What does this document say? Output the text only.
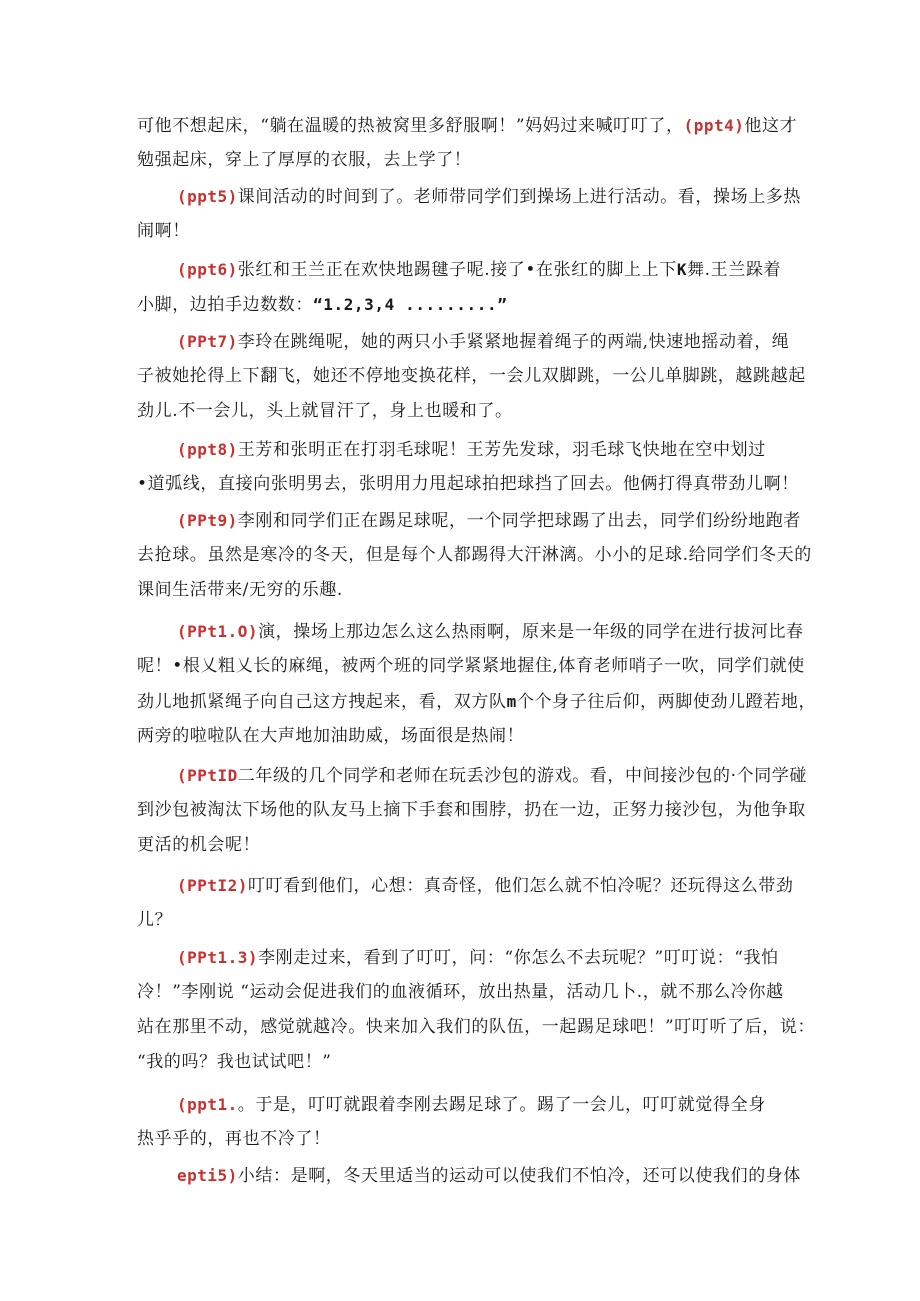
可他不想起床，“躺在温暖的热被窝里多舒服啊！”妈妈过来喊叮叮了，(ppt4)他这才
勉强起床，穿上了厚厚的衣服，去上学了！
(ppt5)课间活动的时间到了。老师带同学们到操场上进行活动。看，操场上多热
闹啊！
(ppt6)张红和王兰正在欢快地踢毽子呢.接了•在张红的脚上上下K舞.王兰跺着
小脚，边拍手边数数：“1.2,3,4 .........”
(PPt7)李玲在跳绳呢，她的两只小手紧紧地握着绳子的两端,快速地摇动着，绳
子被她抡得上下翻飞，她还不停地变换花样，一会儿双脚跳，一公儿单脚跳，越跳越起
劲儿.不一会儿，头上就冒汗了，身上也暖和了。
(ppt8)王芳和张明正在打羽毛球呢！王芳先发球，羽毛球飞快地在空中划过
•道弧线，直接向张明男去，张明用力甩起球拍把球挡了回去。他俩打得真带劲儿啊！
(PPt9)李刚和同学们正在踢足球呢，一个同学把球踢了出去，同学们纷纷地跑者
去抢球。虽然是寒冷的冬天，但是每个人都踢得大汗淋漓。小小的足球.给同学们冬天的
课间生活带来/无穷的乐趣.
(PPt1.O)演，操场上那边怎么这么热雨啊，原来是一年级的同学在进行拔河比春
呢！•根乂粗乂长的麻绳，被两个班的同学紧紧地握住,体育老师哨子一吹，同学们就使
劲儿地抓紧绳子向自己这方拽起来，看，双方队m个个身子往后仰，两脚使劲儿蹬若地，
两旁的啦啦队在大声地加油助威，场面很是热闹！
(PPtID二年级的几个同学和老师在玩丢沙包的游戏。看，中间接沙包的·个同学碰
到沙包被淘汰下场他的队友马上摘下手套和围脖，扔在一边，正努力接沙包，为他争取
更活的机会呢！
(PPtI2)叮叮看到他们，心想：真奇怪，他们怎么就不怕冷呢？还玩得这么带劲
儿？
(PPt1.3)李刚走过来，看到了叮叮，问：“你怎么不去玩呢？”叮叮说：“我怕
冷！”李刚说 “运动会促进我们的血液循环，放出热量，活动几卜.，就不那么冷你越
站在那里不动，感觉就越冷。快来加入我们的队伍，一起踢足球吧！”叮叮听了后，说：
“我的吗？我也试试吧！”
(ppt1.。于是，叮叮就跟着李刚去踢足球了。踢了一会儿，叮叮就觉得全身
热乎乎的，再也不冷了！
epti5)小结：是啊，冬天里适当的运动可以使我们不怕冷，还可以使我们的身体
